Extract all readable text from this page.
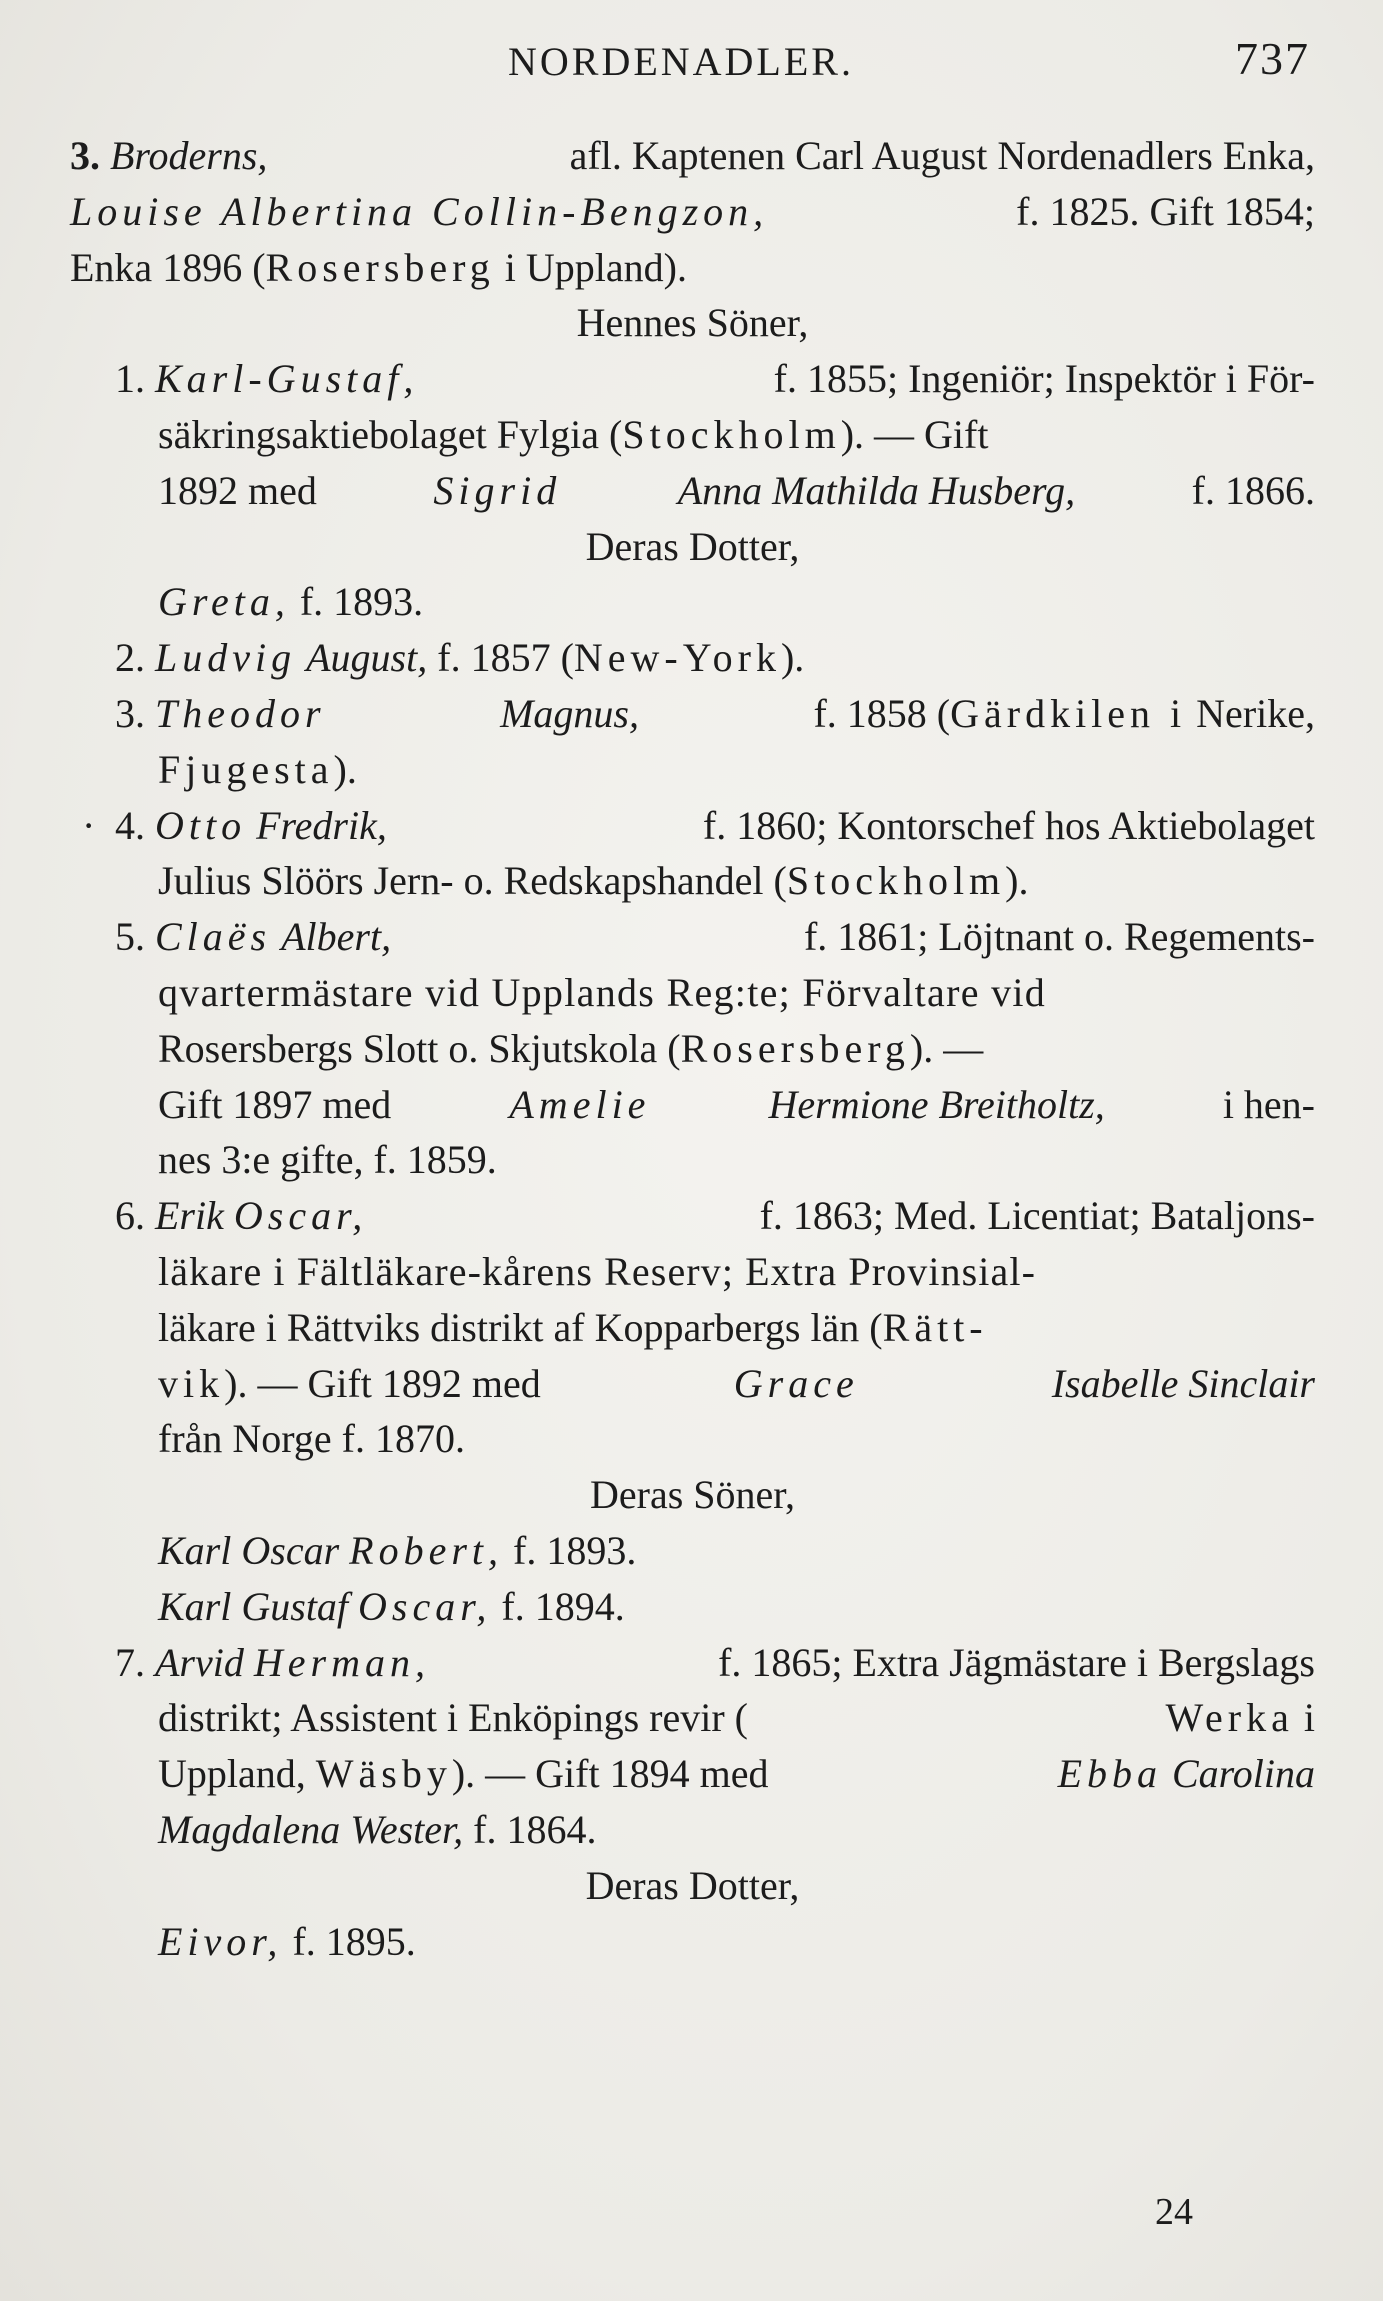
NORDENADLER.	737
3. Broderns,	afl. Kaptenen Carl August Nordenadlers Enka,
Louise Albertina Collin-Bengzon,	f. 1825. Gift 1854;
Enka 1896 (Rosersberg i Uppland).
Hennes Söner,
1. Karl-Gustaf,	f. 1855; Ingeniör; Inspektör i För-
säkringsaktiebolaget Fylgia (Stockholm). — Gift
1892 med	Sigrid	Anna Mathilda Husberg,	f. 1866.
Deras Dotter,
Greta, f. 1893.
2. Ludvig August, f. 1857 (New-York).
3. Theodor	Magnus,	f. 1858 (Gärdkilen i Nerike,
Fjugesta).
· 4. Otto Fredrik,	f. 1860; Kontorschef hos Aktiebolaget
Julius Slöörs Jern- o. Redskapshandel (Stockholm).
5. Claës Albert,	f. 1861; Löjtnant o. Regements-
qvartermästare vid Upplands Reg:te; Förvaltare vid
Rosersbergs Slott o. Skjutskola (Rosersberg). —
Gift 1897 med	Amelie	Hermione Breitholtz,	i hen-
nes 3:e gifte, f. 1859.
6. Erik Oscar,	f. 1863; Med. Licentiat; Bataljons-
läkare i Fältläkare-kårens Reserv; Extra Provinsial-
läkare i Rättviks distrikt af Kopparbergs län (Rätt-
vik). — Gift 1892 med	Grace	Isabelle Sinclair
från Norge f. 1870.
Deras Söner,
Karl Oscar Robert, f. 1893.
Karl Gustaf Oscar, f. 1894.
7. Arvid Herman,	f. 1865; Extra Jägmästare i Bergslags
distrikt; Assistent i Enköpings revir (	Werka i
Uppland, Wäsby). — Gift 1894 med	Ebba Carolina
Magdalena Wester, f. 1864.
Deras Dotter,
Eivor, f. 1895.
24
